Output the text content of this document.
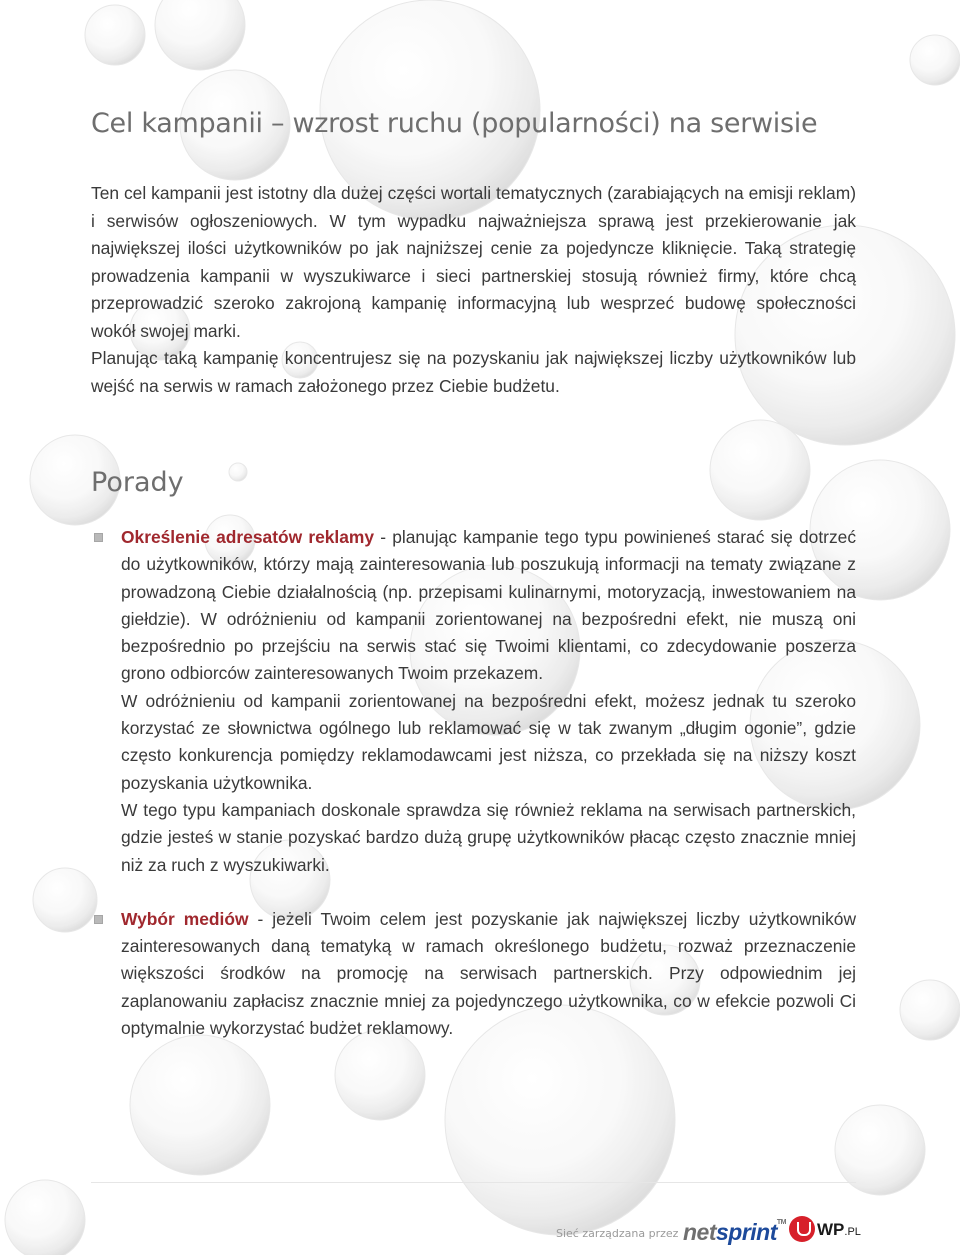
Cel kampanii – wzrost ruchu (popularności) na serwisie

Ten cel kampanii jest istotny dla dużej części wortali tematycznych (zarabiających na emisji reklam) i serwisów ogłoszeniowych. W tym wypadku najważniejsza sprawą jest przekierowanie jak największej ilości użytkowników po jak najniższej cenie za pojedyncze kliknięcie. Taką strategię prowadzenia kampanii w wyszukiwarce i sieci partnerskiej stosują również firmy, które chcą przeprowadzić szeroko zakrojoną kampanię informacyjną lub wesprzeć budowę społeczności wokół swojej marki.

Planując taką kampanię koncentrujesz się na pozyskaniu jak największej liczby użytkowników lub wejść na serwis w ramach założonego przez Ciebie budżetu.

Porady

Określenie adresatów reklamy - planując kampanie tego typu powinieneś starać się dotrzeć do użytkowników, którzy mają zainteresowania lub poszukują informacji na tematy związane z prowadzoną Ciebie działalnością (np. przepisami kulinarnymi, motoryzacją, inwestowaniem na giełdzie). W odróżnieniu od kampanii zorientowanej na bezpośredni efekt, nie muszą oni bezpośrednio po przejściu na serwis stać się Twoimi klientami, co zdecydowanie poszerza grono odbiorców zainteresowanych Twoim przekazem.

W odróżnieniu od kampanii zorientowanej na bezpośredni efekt, możesz jednak tu szeroko korzystać ze słownictwa ogólnego lub reklamować się w tak zwanym „długim ogonie”, gdzie często konkurencja pomiędzy reklamodawcami jest niższa, co przekłada się na niższy koszt pozyskania użytkownika.

W tego typu kampaniach doskonale sprawdza się również reklama na serwisach partnerskich, gdzie jesteś w stanie pozyskać bardzo dużą grupę użytkowników płacąc często znacznie mniej niż za ruch z wyszukiwarki.

Wybór mediów - jeżeli Twoim celem jest pozyskanie jak największej liczby użytkowników zainteresowanych daną tematyką w ramach określonego budżetu, rozważ przeznaczenie większości środków na promocję na serwisach partnerskich. Przy odpowiednim jej zaplanowaniu zapłacisz znacznie mniej za pojedynczego użytkownika, co w efekcie pozwoli Ci optymalnie wykorzystać budżet reklamowy.

Sieć zarządzana przez netsprint™ WP.PL
